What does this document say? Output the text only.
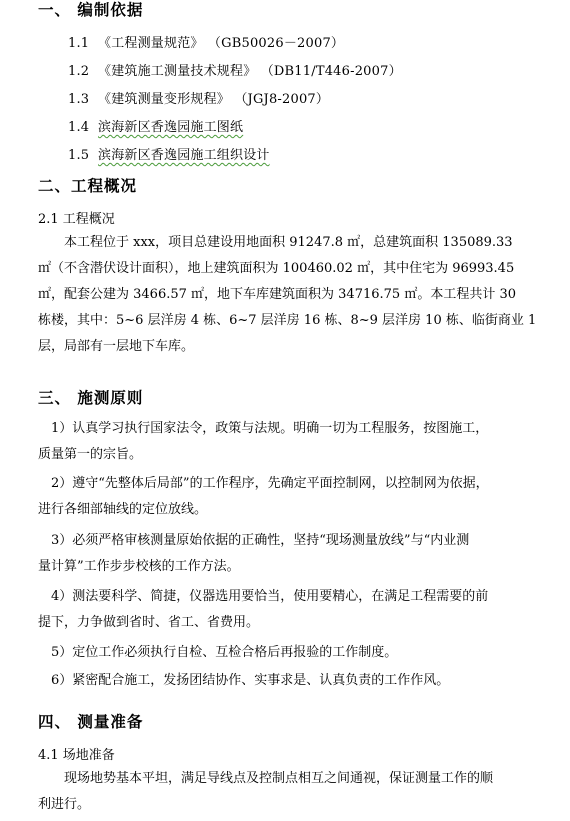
一、 编制依据
1.1 《工程测量规范》 （GB50026－2007）
1.2 《建筑施工测量技术规程》 （DB11/T446-2007）
1.3 《建筑测量变形规程》 （JGJ8-2007）
1.4 滨海新区香逸园施工图纸
1.5 滨海新区香逸园施工组织设计
二、工程概况
2.1 工程概况
　　本工程位于 xxx，项目总建设用地面积 91247.8 ㎡，总建筑面积 135089.33
㎡（不含潜伏设计面积），地上建筑面积为 100460.02 ㎡，其中住宅为 96993.45
㎡，配套公建为 3466.57 ㎡，地下车库建筑面积为 34716.75 ㎡。本工程共计 30
栋楼，其中：5~6 层洋房 4 栋、6~7 层洋房 16 栋、8~9 层洋房 10 栋、临街商业 1
层，局部有一层地下车库。
三、 施测原则
　1）认真学习执行国家法令，政策与法规。明确一切为工程服务，按图施工，
质量第一的宗旨。
　2）遵守“先整体后局部”的工作程序，先确定平面控制网，以控制网为依据，
进行各细部轴线的定位放线。
　3）必须严格审核测量原始依据的正确性，坚持“现场测量放线”与“内业测
量计算”工作步步校核的工作方法。
　4）测法要科学、简捷，仪器选用要恰当，使用要精心，在满足工程需要的前
提下，力争做到省时、省工、省费用。
　5）定位工作必须执行自检、互检合格后再报验的工作制度。
　6）紧密配合施工，发扬团结协作、实事求是、认真负责的工作作风。
四、 测量准备
4.1 场地准备
　　现场地势基本平坦，满足导线点及控制点相互之间通视，保证测量工作的顺
利进行。
